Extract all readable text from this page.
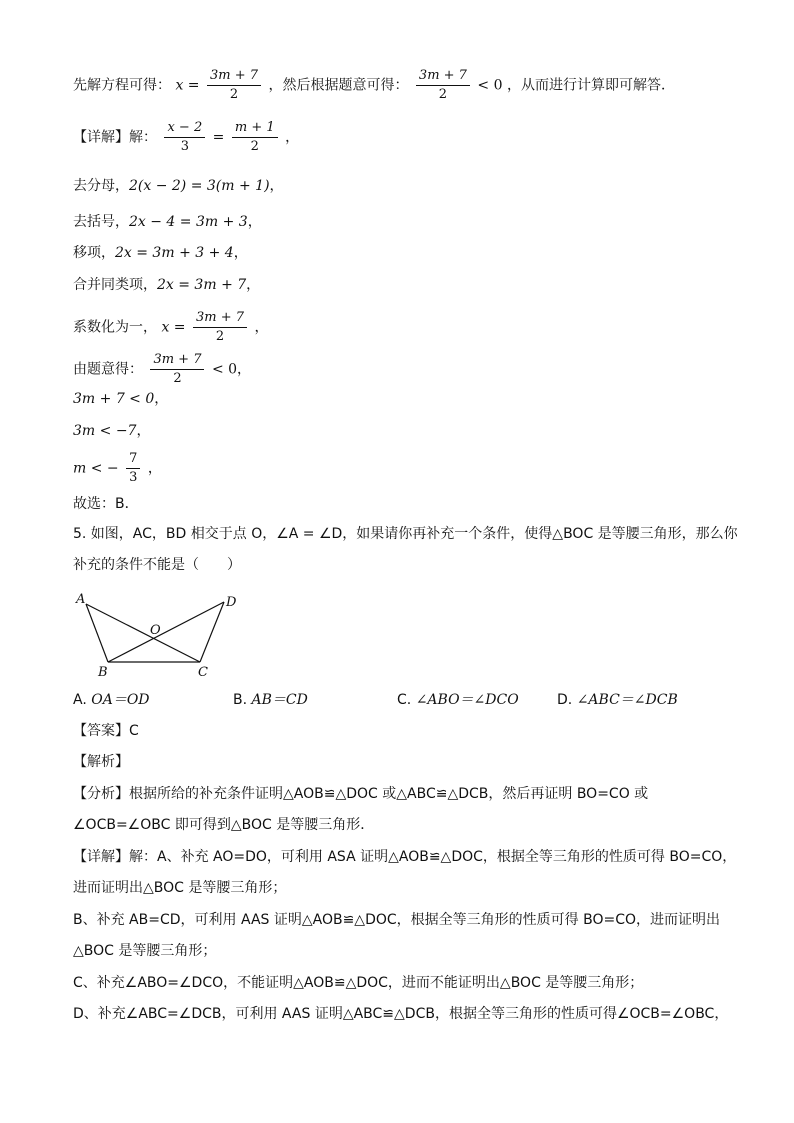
先解方程可得： $x = \frac{3m + 7}{2}$ ，然后根据题意可得： $\frac{3m + 7}{2} < 0$ ，从而进行计算即可解答．
【详解】解： $\frac{x - 2}{3} = \frac{m + 1}{2}$ ，
去分母，2(x − 2) = 3(m + 1)，
去括号，2x − 4 = 3m + 3，
移项，2x = 3m + 3 + 4，
合并同类项，2x = 3m + 7，
系数化为一， $x = \frac{3m + 7}{2}$ ，
由题意得： $\frac{3m + 7}{2} < 0$，
3m + 7 < 0，
3m < −7，
m < − $\frac{7}{3}$ ，
故选：B．
5. 如图，AC，BD 相交于点 O，∠A = ∠D，如果请你再补充一个条件，使得△BOC 是等腰三角形，那么你
补充的条件不能是（　　）
A	D
O
B	C
A. OA＝OD	B. AB＝CD	C. ∠ABO＝∠DCO	D. ∠ABC＝∠DCB
【答案】C
【解析】
【分析】根据所给的补充条件证明△AOB≌△DOC 或△ABC≌△DCB，然后再证明 BO=CO 或
∠OCB=∠OBC 即可得到△BOC 是等腰三角形．
【详解】解：A、补充 AO=DO，可利用 ASA 证明△AOB≌△DOC，根据全等三角形的性质可得 BO=CO，
进而证明出△BOC 是等腰三角形；
B、补充 AB=CD，可利用 AAS 证明△AOB≌△DOC，根据全等三角形的性质可得 BO=CO，进而证明出
△BOC 是等腰三角形；
C、补充∠ABO=∠DCO，不能证明△AOB≌△DOC，进而不能证明出△BOC 是等腰三角形；
D、补充∠ABC=∠DCB，可利用 AAS 证明△ABC≌△DCB，根据全等三角形的性质可得∠OCB=∠OBC，
